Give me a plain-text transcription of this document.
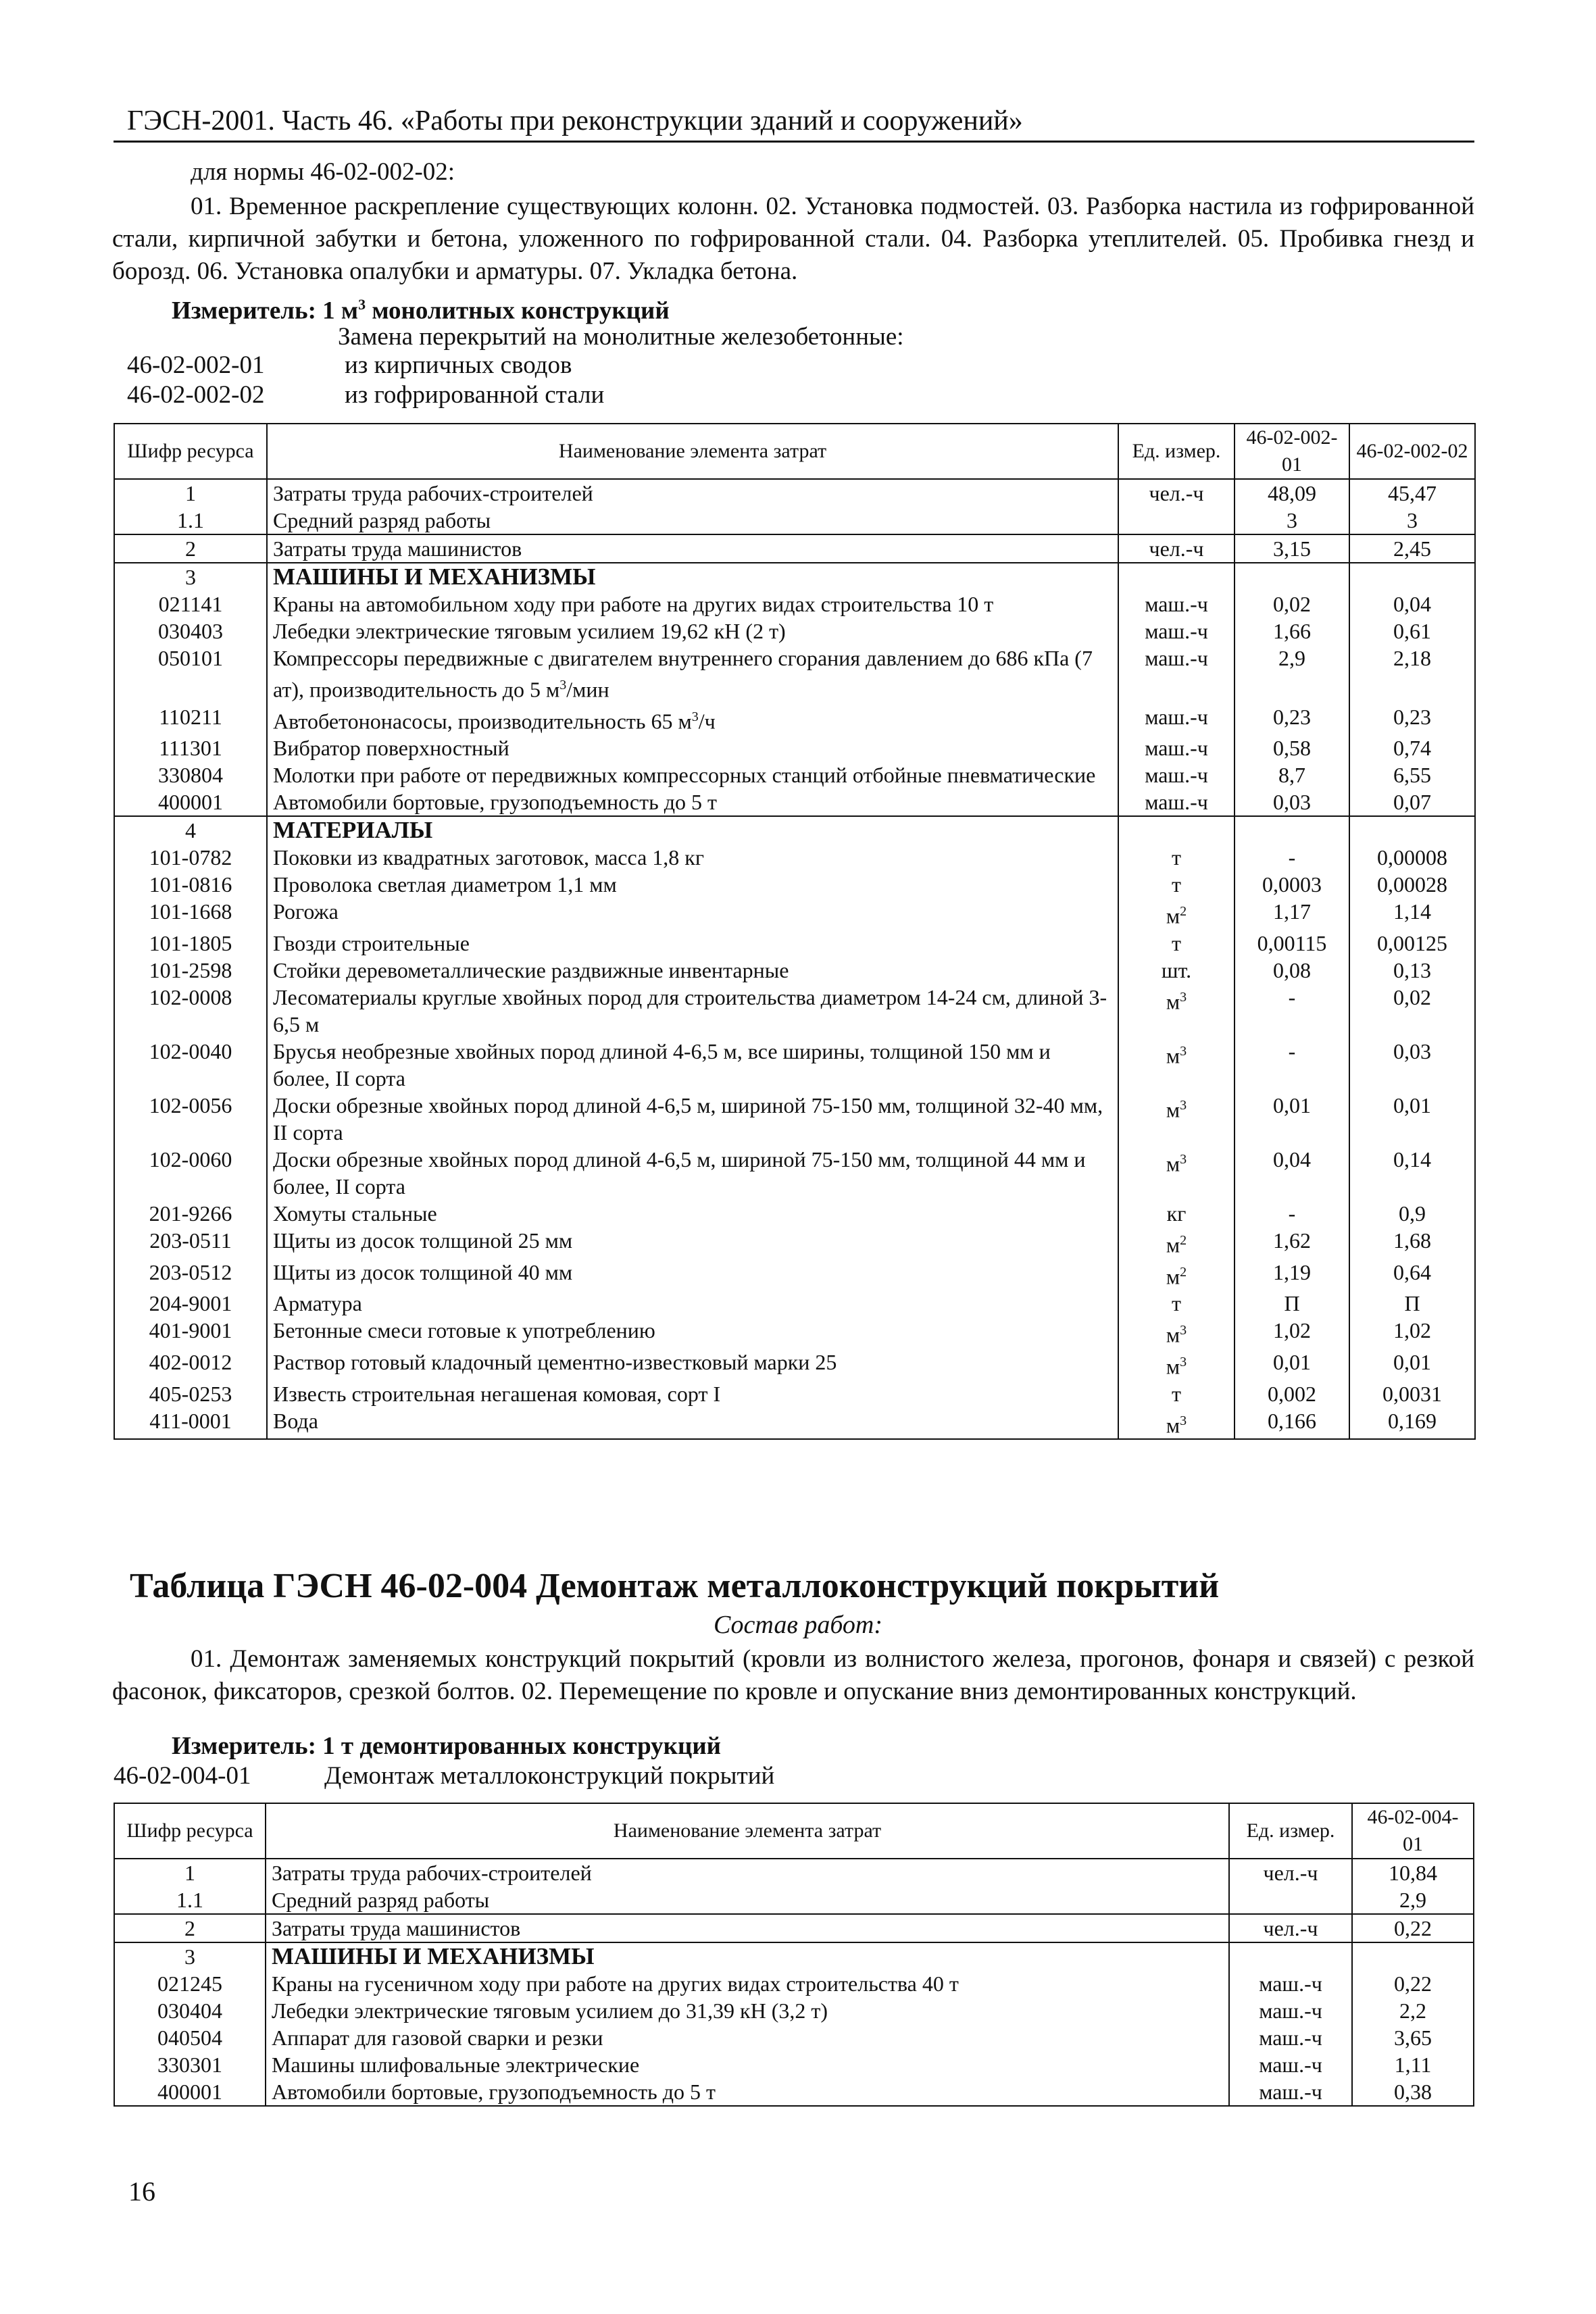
ГЭСН-2001. Часть 46. «Работы при реконструкции зданий и сооружений»
для нормы 46-02-002-02:
01. Временное раскрепление существующих колонн. 02. Установка подмостей. 03. Разборка настила из гофрированной стали, кирпичной забутки и бетона, уложенного по гофрированной стали. 04. Разборка утеплителей. 05. Пробивка гнезд и борозд. 06. Установка опалубки и арматуры. 07. Укладка бетона.
Измеритель: 1 $м^3$ монолитных конструкций
Замена перекрытий на монолитные железобетонные:
46-02-002-01	из кирпичных сводов
46-02-002-02	из гофрированной стали
Шифр ресурса	Наименование элемента затрат	Ед. измер.	46-02-002-01	46-02-002-02
1	Затраты труда рабочих-строителей	чел.-ч	48,09	45,47
1.1	Средний разряд работы		3	3
2	Затраты труда машинистов	чел.-ч	3,15	2,45
3	МАШИНЫ И МЕХАНИЗМЫ			
021141	Краны на автомобильном ходу при работе на других видах строительства 10 т	маш.-ч	0,02	0,04
030403	Лебедки электрические тяговым усилием 19,62 кН (2 т)	маш.-ч	1,66	0,61
050101	Компрессоры передвижные с двигателем внутреннего сгорания давлением до 686 кПа (7 ат), производительность до 5 $м^3$/мин	маш.-ч	2,9	2,18
110211	Автобетононасосы, производительность 65 $м^3/ч$	маш.-ч	0,23	0,23
111301	Вибратор поверхностный	маш.-ч	0,58	0,74
330804	Молотки при работе от передвижных компрессорных станций отбойные пневматические	маш.-ч	8,7	6,55
400001	Автомобили бортовые, грузоподъемность до 5 т	маш.-ч	0,03	0,07
4	МАТЕРИАЛЫ			
101-0782	Поковки из квадратных заготовок, масса 1,8 кг	т	-	0,00008
101-0816	Проволока светлая диаметром 1,1 мм	т	0,0003	0,00028
101-1668	Рогожа	$м^2$	1,17	1,14
101-1805	Гвозди строительные	т	0,00115	0,00125
101-2598	Стойки деревометаллические раздвижные инвентарные	шт.	0,08	0,13
102-0008	Лесоматериалы круглые хвойных пород для строительства диаметром 14-24 см, длиной 3-6,5 м	$м^3$	-	0,02
102-0040	Брусья необрезные хвойных пород длиной 4-6,5 м, все ширины, толщиной 150 мм и более, II сорта	$м^3$	-	0,03
102-0056	Доски обрезные хвойных пород длиной 4-6,5 м, шириной 75-150 мм, толщиной 32-40 мм, II сорта	$м^3$	0,01	0,01
102-0060	Доски обрезные хвойных пород длиной 4-6,5 м, шириной 75-150 мм, толщиной 44 мм и более, II сорта	$м^3$	0,04	0,14
201-9266	Хомуты стальные	кг	-	0,9
203-0511	Щиты из досок толщиной 25 мм	$м^2$	1,62	1,68
203-0512	Щиты из досок толщиной 40 мм	$м^2$	1,19	0,64
204-9001	Арматура	т	П	П
401-9001	Бетонные смеси готовые к употреблению	$м^3$	1,02	1,02
402-0012	Раствор готовый кладочный цементно-известковый марки 25	$м^3$	0,01	0,01
405-0253	Известь строительная негашеная комовая, сорт I	т	0,002	0,0031
411-0001	Вода	$м^3$	0,166	0,169
Таблица ГЭСН 46-02-004 Демонтаж металлоконструкций покрытий
Состав работ:
01. Демонтаж заменяемых конструкций покрытий (кровли из волнистого железа, прогонов, фонаря и связей) с резкой фасонок, фиксаторов, срезкой болтов. 02. Перемещение по кровле и опускание вниз демонтированных конструкций.
Измеритель: 1 т демонтированных конструкций
46-02-004-01	Демонтаж металлоконструкций покрытий
Шифр ресурса	Наименование элемента затрат	Ед. измер.	46-02-004-01
1	Затраты труда рабочих-строителей	чел.-ч	10,84
1.1	Средний разряд работы		2,9
2	Затраты труда машинистов	чел.-ч	0,22
3	МАШИНЫ И МЕХАНИЗМЫ		
021245	Краны на гусеничном ходу при работе на других видах строительства 40 т	маш.-ч	0,22
030404	Лебедки электрические тяговым усилием до 31,39 кН (3,2 т)	маш.-ч	2,2
040504	Аппарат для газовой сварки и резки	маш.-ч	3,65
330301	Машины шлифовальные электрические	маш.-ч	1,11
400001	Автомобили бортовые, грузоподъемность до 5 т	маш.-ч	0,38
16
